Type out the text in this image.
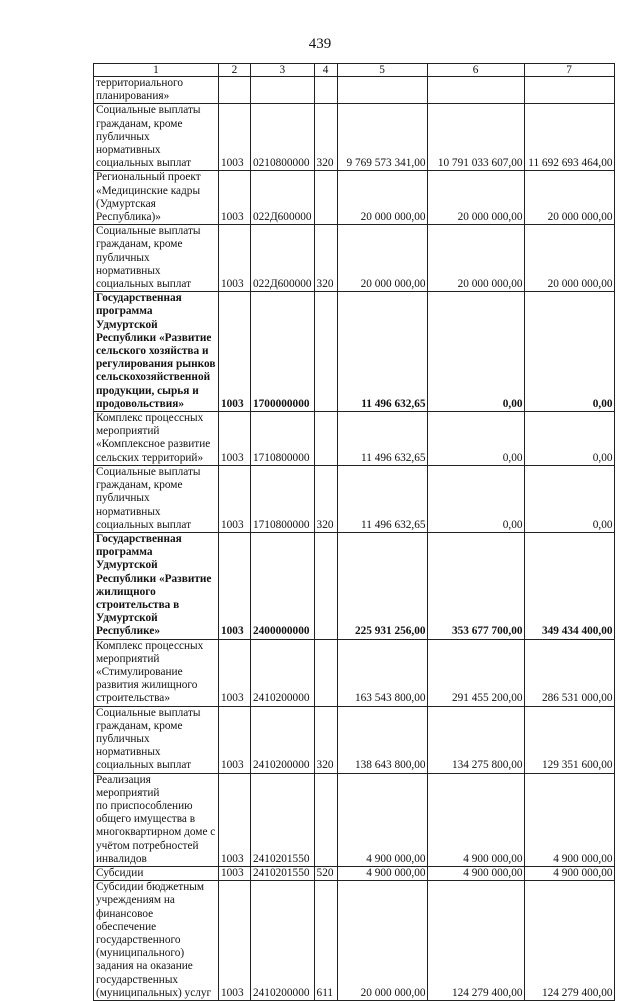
439
1	2	3	4	5	6	7

территориального
планирования»						

Социальные выплаты
гражданам, кроме
публичных нормативных
социальных выплат	1003	0210800000	320	9 769 573 341,00	10 791 033 607,00	11 692 693 464,00

Региональный проект
«Медицинские кадры
(Удмуртская
Республика)»	1003	022Д600000		20 000 000,00	20 000 000,00	20 000 000,00

Социальные выплаты
гражданам, кроме
публичных нормативных
социальных выплат	1003	022Д600000	320	20 000 000,00	20 000 000,00	20 000 000,00

Государственная
программа Удмуртской
Республики «Развитие
сельского хозяйства и
регулирования рынков
сельскохозяйственной
продукции, сырья и
продовольствия»	1003	1700000000		11 496 632,65	0,00	0,00

Комплекс процессных
мероприятий
«Комплексное развитие
сельских территорий»	1003	1710800000		11 496 632,65	0,00	0,00

Социальные выплаты
гражданам, кроме
публичных нормативных
социальных выплат	1003	1710800000	320	11 496 632,65	0,00	0,00

Государственная
программа Удмуртской
Республики «Развитие
жилищного
строительства в
Удмуртской
Республике»	1003	2400000000		225 931 256,00	353 677 700,00	349 434 400,00

Комплекс процессных
мероприятий
«Стимулирование
развития жилищного
строительства»	1003	2410200000		163 543 800,00	291 455 200,00	286 531 000,00

Социальные выплаты
гражданам, кроме
публичных нормативных
социальных выплат	1003	2410200000	320	138 643 800,00	134 275 800,00	129 351 600,00

Реализация мероприятий
по приспособлению
общего имущества в
многоквартирном доме с
учётом потребностей
инвалидов	1003	2410201550		4 900 000,00	4 900 000,00	4 900 000,00

Субсидии	1003	2410201550	520	4 900 000,00	4 900 000,00	4 900 000,00

Субсидии бюджетным
учреждениям на
финансовое обеспечение
государственного
(муниципального)
задания на оказание
государственных
(муниципальных) услуг	1003	2410200000	611	20 000 000,00	124 279 400,00	124 279 400,00
